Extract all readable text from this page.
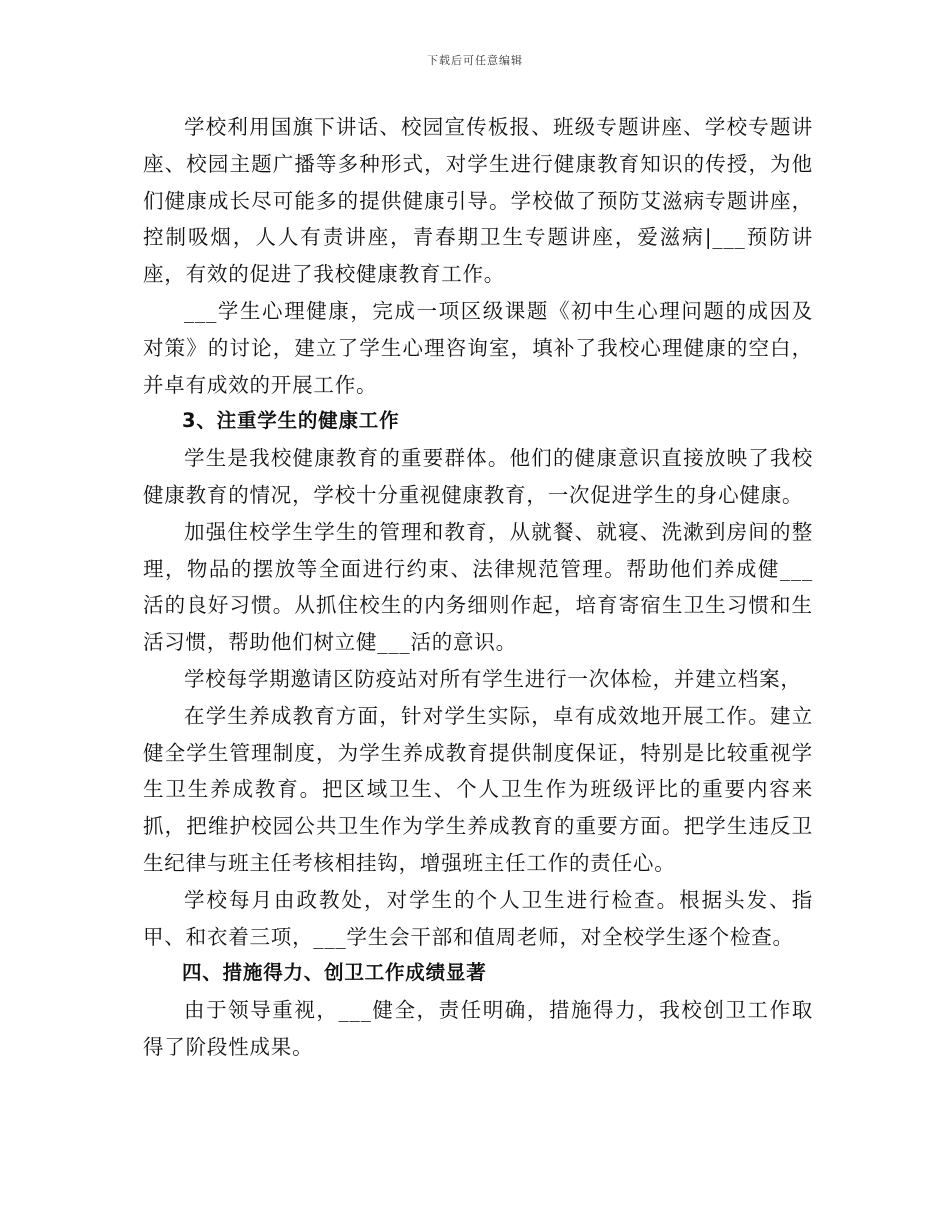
下载后可任意编辑

学校利用国旗下讲话、校园宣传板报、班级专题讲座、学校专题讲座、校园主题广播等多种形式，对学生进行健康教育知识的传授，为他们健康成长尽可能多的提供健康引导。学校做了预防艾滋病专题讲座，控制吸烟，人人有责讲座，青春期卫生专题讲座，爱滋病|___预防讲座，有效的促进了我校健康教育工作。

___学生心理健康，完成一项区级课题《初中生心理问题的成因及对策》的讨论，建立了学生心理咨询室，填补了我校心理健康的空白，并卓有成效的开展工作。

3、注重学生的健康工作

学生是我校健康教育的重要群体。他们的健康意识直接放映了我校健康教育的情况，学校十分重视健康教育，一次促进学生的身心健康。

加强住校学生学生的管理和教育，从就餐、就寝、洗漱到房间的整理，物品的摆放等全面进行约束、法律规范管理。帮助他们养成健___活的良好习惯。从抓住校生的内务细则作起，培育寄宿生卫生习惯和生活习惯，帮助他们树立健___活的意识。

学校每学期邀请区防疫站对所有学生进行一次体检，并建立档案，

在学生养成教育方面，针对学生实际，卓有成效地开展工作。建立健全学生管理制度，为学生养成教育提供制度保证，特别是比较重视学生卫生养成教育。把区域卫生、个人卫生作为班级评比的重要内容来抓，把维护校园公共卫生作为学生养成教育的重要方面。把学生违反卫生纪律与班主任考核相挂钩，增强班主任工作的责任心。

学校每月由政教处，对学生的个人卫生进行检查。根据头发、指甲、和衣着三项，___学生会干部和值周老师，对全校学生逐个检查。

四、措施得力、创卫工作成绩显著

由于领导重视，___健全，责任明确，措施得力，我校创卫工作取得了阶段性成果。
